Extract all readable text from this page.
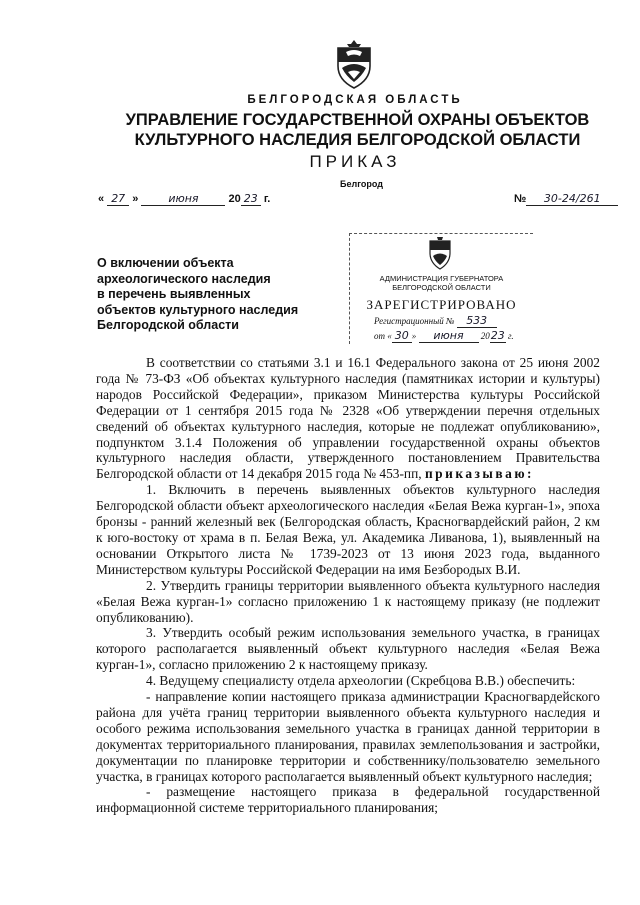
БЕЛГОРОДСКАЯ ОБЛАСТЬ
УПРАВЛЕНИЕ ГОСУДАРСТВЕННОЙ ОХРАНЫ ОБЪЕКТОВ
КУЛЬТУРНОГО НАСЛЕДИЯ БЕЛГОРОДСКОЙ ОБЛАСТИ
ПРИКАЗ
Белгород
« 27 »	июня	20 23 г.	№ 30-24/261
О включении объекта
археологического наследия
в перечень выявленных
объектов культурного наследия
Белгородской области
АДМИНИСТРАЦИЯ ГУБЕРНАТОРА
БЕЛГОРОДСКОЙ ОБЛАСТИ
ЗАРЕГИСТРИРОВАНО
Регистрационный № 533
от « 30 » июня 2023 г.

В соответствии со статьями 3.1 и 16.1 Федерального закона от 25 июня 2002 года № 73-ФЗ «Об объектах культурного наследия (памятниках истории и культуры) народов Российской Федерации», приказом Министерства культуры Российской Федерации от 1 сентября 2015 года № 2328 «Об утверждении перечня отдельных сведений об объектах культурного наследия, которые не подлежат опубликованию», подпунктом 3.1.4 Положения об управлении государственной охраны объектов культурного наследия области, утвержденного постановлением Правительства Белгородской области от 14 декабря 2015 года № 453-пп, приказываю:

1. Включить в перечень выявленных объектов культурного наследия Белгородской области объект археологического наследия «Белая Вежа курган-1», эпоха бронзы - ранний железный век (Белгородская область, Красногвардейский район, 2 км к юго-востоку от храма в п. Белая Вежа, ул. Академика Ливанова, 1), выявленный на основании Открытого листа № 1739-2023 от 13 июня 2023 года, выданного Министерством культуры Российской Федерации на имя Безбородых В.И.

2. Утвердить границы территории выявленного объекта культурного наследия «Белая Вежа курган-1» согласно приложению 1 к настоящему приказу (не подлежит опубликованию).

3. Утвердить особый режим использования земельного участка, в границах которого располагается выявленный объект культурного наследия «Белая Вежа курган-1», согласно приложению 2 к настоящему приказу.

4. Ведущему специалисту отдела археологии (Скребцова В.В.) обеспечить:

- направление копии настоящего приказа администрации Красногвардейского района для учёта границ территории выявленного объекта культурного наследия и особого режима использования земельного участка в границах данной территории в документах территориального планирования, правилах землепользования и застройки, документации по планировке территории и собственнику/пользователю земельного участка, в границах которого располагается выявленный объект культурного наследия;

- размещение настоящего приказа в федеральной государственной информационной системе территориального планирования;
